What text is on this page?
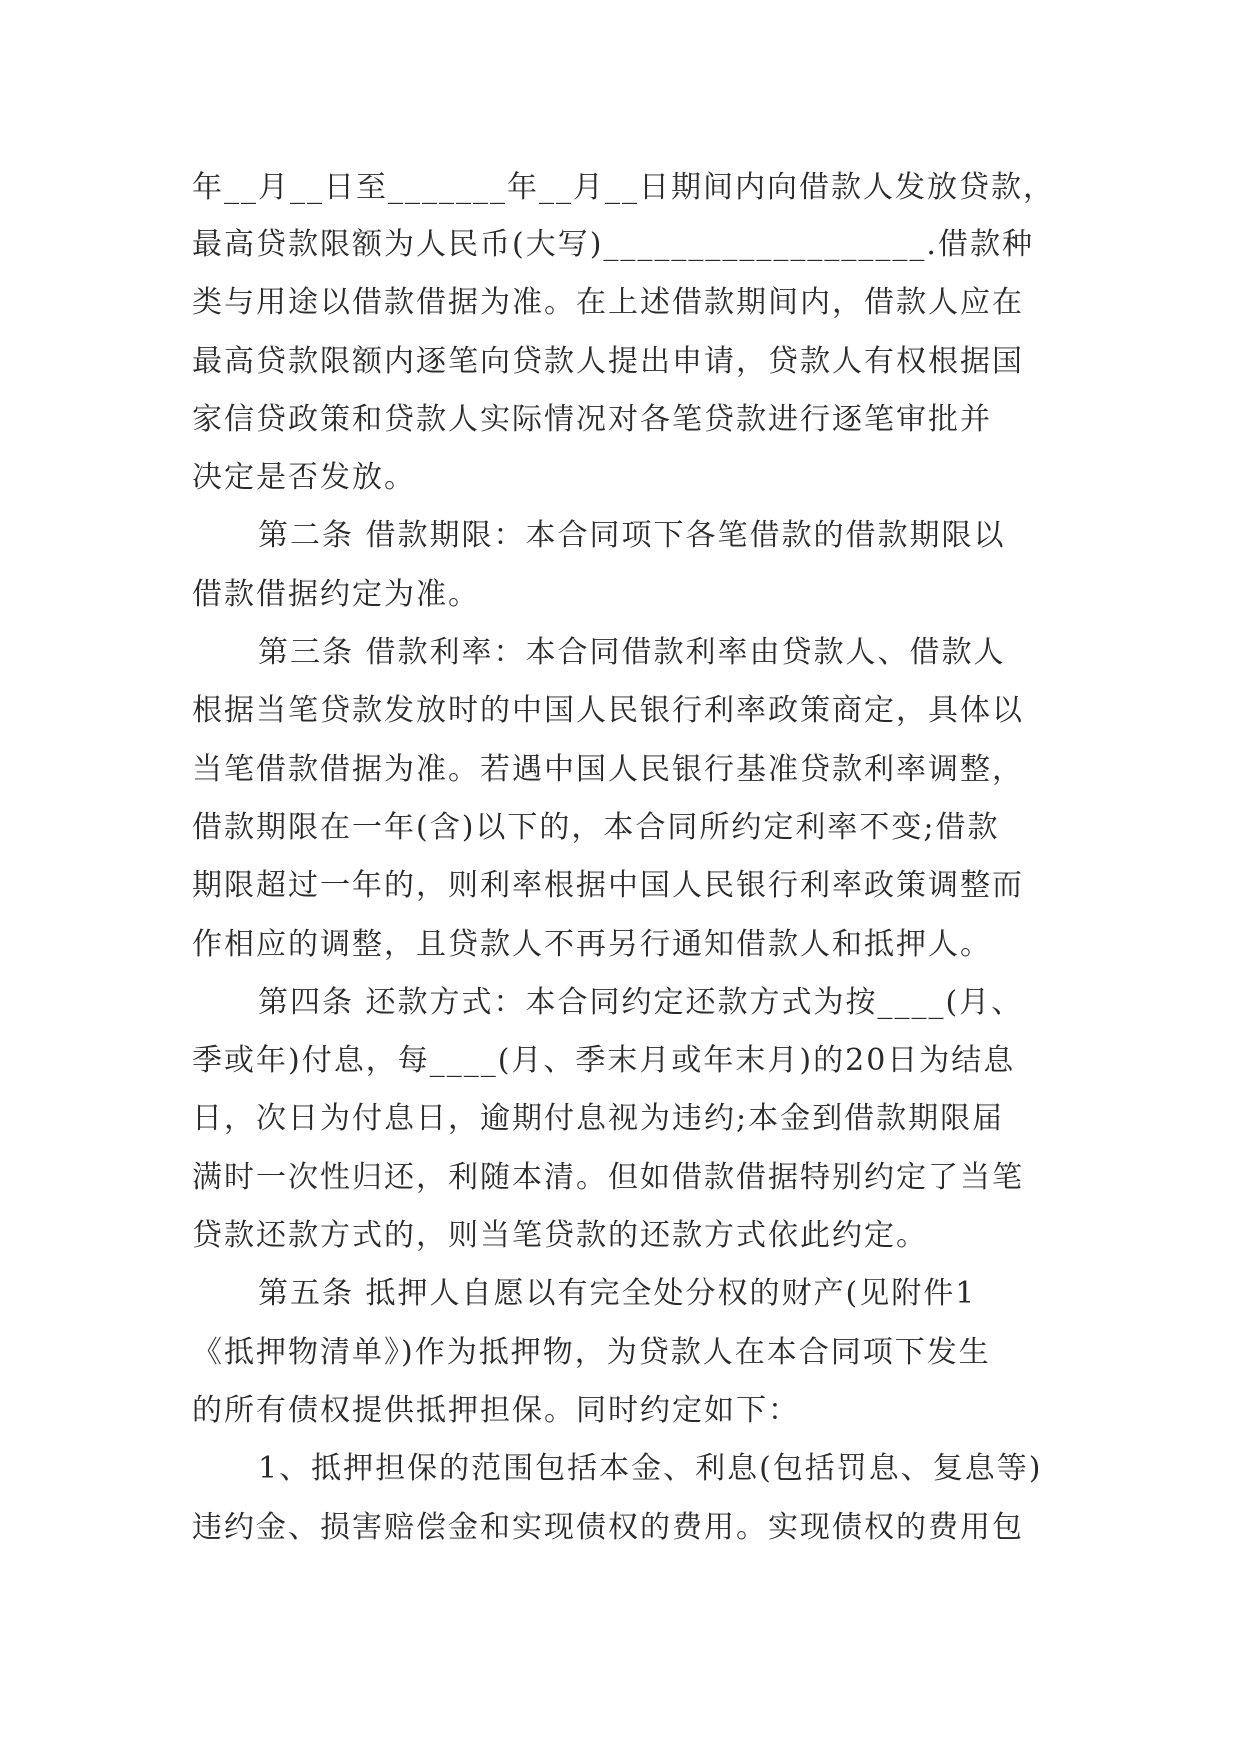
年__月__日至_______年__月__日期间内向借款人发放贷款，
最高贷款限额为人民币(大写)___________________.借款种
类与用途以借款借据为准。在上述借款期间内，借款人应在
最高贷款限额内逐笔向贷款人提出申请，贷款人有权根据国
家信贷政策和贷款人实际情况对各笔贷款进行逐笔审批并
决定是否发放。
第二条 借款期限：本合同项下各笔借款的借款期限以
借款借据约定为准。
第三条 借款利率：本合同借款利率由贷款人、借款人
根据当笔贷款发放时的中国人民银行利率政策商定，具体以
当笔借款借据为准。若遇中国人民银行基准贷款利率调整，
借款期限在一年(含)以下的，本合同所约定利率不变;借款
期限超过一年的，则利率根据中国人民银行利率政策调整而
作相应的调整，且贷款人不再另行通知借款人和抵押人。
第四条 还款方式：本合同约定还款方式为按____(月、
季或年)付息，每____(月、季末月或年末月)的20日为结息
日，次日为付息日，逾期付息视为违约;本金到借款期限届
满时一次性归还，利随本清。但如借款借据特别约定了当笔
贷款还款方式的，则当笔贷款的还款方式依此约定。
第五条 抵押人自愿以有完全处分权的财产(见附件1
《抵押物清单》)作为抵押物，为贷款人在本合同项下发生
的所有债权提供抵押担保。同时约定如下：
1、抵押担保的范围包括本金、利息(包括罚息、复息等)
违约金、损害赔偿金和实现债权的费用。实现债权的费用包
